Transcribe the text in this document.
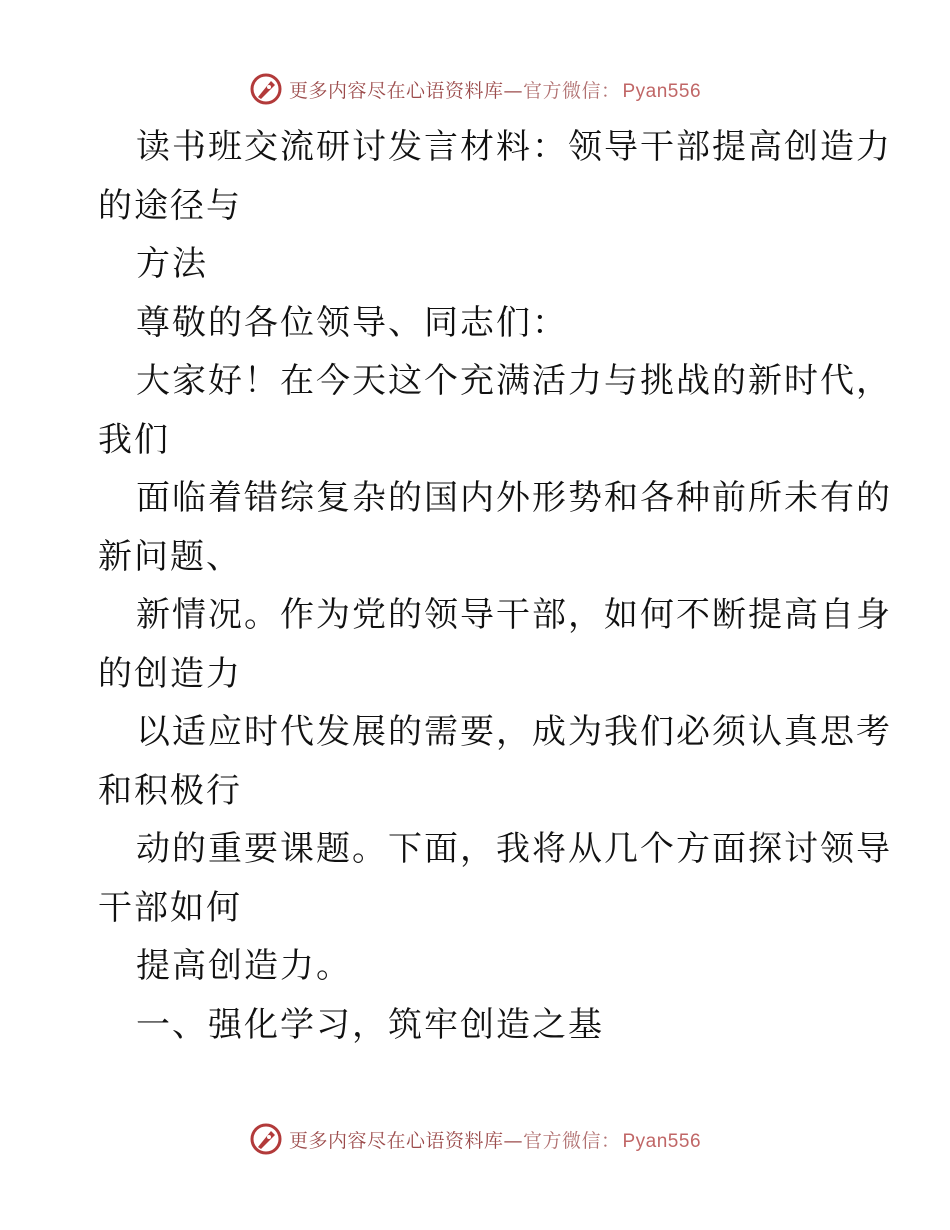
更多内容尽在心语资料库—官方微信： Pyan556
读书班交流研讨发言材料：领导干部提高创造力
的途径与
方法
尊敬的各位领导、同志们：
大家好！在今天这个充满活力与挑战的新时代，
我们
面临着错综复杂的国内外形势和各种前所未有的
新问题、
新情况。作为党的领导干部，如何不断提高自身
的创造力
以适应时代发展的需要，成为我们必须认真思考
和积极行
动的重要课题。下面，我将从几个方面探讨领导
干部如何
提高创造力。
一、强化学习，筑牢创造之基
更多内容尽在心语资料库—官方微信： Pyan556
